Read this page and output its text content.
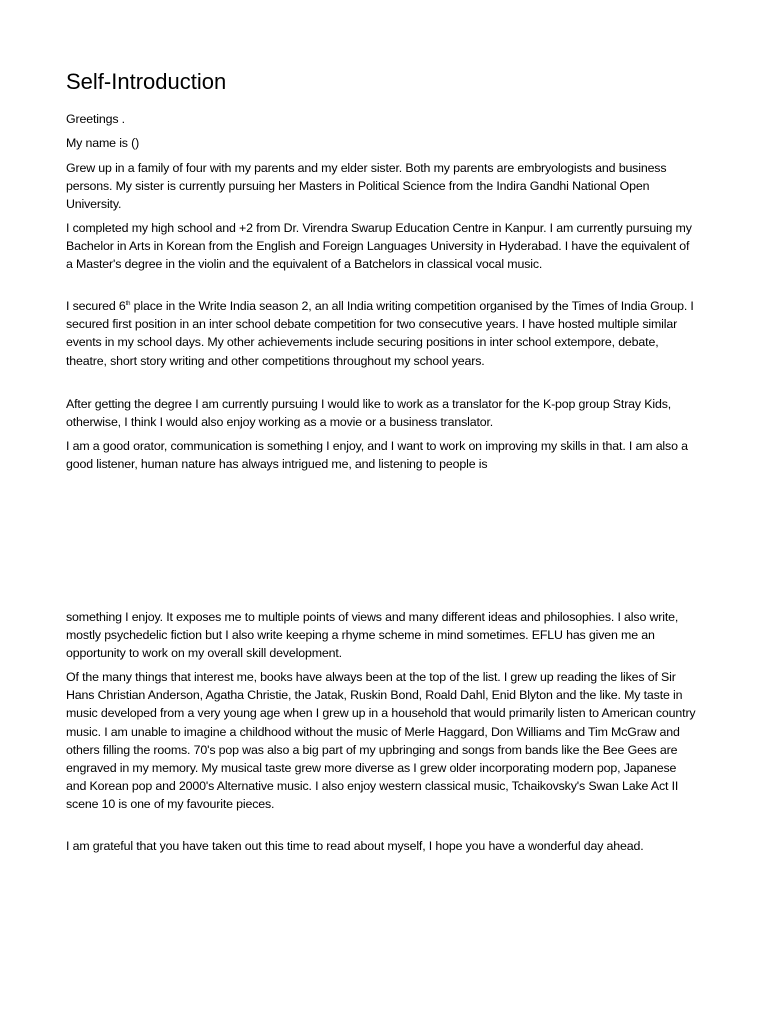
Self-Introduction

Greetings .

My name is ()

Grew up in a family of four with my parents and my elder sister. Both my parents are embryologists and business persons. My sister is currently pursuing her Masters in Political Science from the Indira Gandhi National Open University.

I completed my high school and +2 from Dr. Virendra Swarup Education Centre in Kanpur. I am currently pursuing my Bachelor in Arts in Korean from the English and Foreign Languages University in Hyderabad. I have the equivalent of a Master's degree in the violin and the equivalent of a Batchelors in classical vocal music.

I secured 6th place in the Write India season 2, an all India writing competition organised by the Times of India Group. I secured first position in an inter school debate competition for two consecutive years. I have hosted multiple similar events in my school days. My other achievements include securing positions in inter school extempore, debate, theatre, short story writing and other competitions throughout my school years.

After getting the degree I am currently pursuing I would like to work as a translator for the K-pop group Stray Kids, otherwise, I think I would also enjoy working as a movie or a business translator.

I am a good orator, communication is something I enjoy, and I want to work on improving my skills in that. I am also a good listener, human nature has always intrigued me, and listening to people is

something I enjoy. It exposes me to multiple points of views and many different ideas and philosophies. I also write, mostly psychedelic fiction but I also write keeping a rhyme scheme in mind sometimes. EFLU has given me an opportunity to work on my overall skill development.

Of the many things that interest me, books have always been at the top of the list. I grew up reading the likes of Sir Hans Christian Anderson, Agatha Christie, the Jatak, Ruskin Bond, Roald Dahl, Enid Blyton and the like. My taste in music developed from a very young age when I grew up in a household that would primarily listen to American country music. I am unable to imagine a childhood without the music of Merle Haggard, Don Williams and Tim McGraw and others filling the rooms. 70's pop was also a big part of my upbringing and songs from bands like the Bee Gees are engraved in my memory. My musical taste grew more diverse as I grew older incorporating modern pop, Japanese and Korean pop and 2000's Alternative music. I also enjoy western classical music, Tchaikovsky's Swan Lake Act II scene 10 is one of my favourite pieces.

I am grateful that you have taken out this time to read about myself, I hope you have a wonderful day ahead.
